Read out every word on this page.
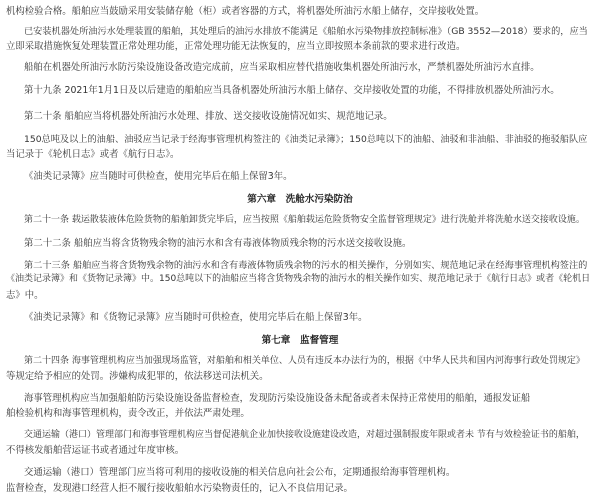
机构检验合格。船舶应当鼓励采用安装储存舱（柜）或者容器的方式，将机器处所油污水船上储存，交岸接收处置。
已安装机器处所油污水处理装置的船舶，其处理后的油污水排放不能满足《船舶水污染物排放控制标准》（GB 3552—2018）要求的，应当
立即采取措施恢复处理装置正常处理功能，正常处理功能无法恢复的，应当立即按照本条前款的要求进行改造。
船舶在机器处所油污水防污染设施设备改造完成前，应当采取相应替代措施收集机器处所油污水，严禁机器处所油污水直排。
第十九条 2021年1月1日及以后建造的船舶应当具备机器处所油污水船上储存、交岸接收处置的功能，不得排放机器处所油污水。
第二十条 船舶应当将机器处所油污水处理、排放、送交接收设施情况如实、规范地记录。
150总吨及以上的油船、油驳应当记录于经海事管理机构签注的《油类记录簿》；150总吨以下的油船、油驳和非油船、非油驳的拖驳船队应
当记录于《轮机日志》或者《航行日志》。
《油类记录簿》应当随时可供检查，使用完毕后在船上保留3年。
第六章　洗舱水污染防治
第二十一条 载运散装液体危险货物的船舶卸货完毕后，应当按照《船舶载运危险货物安全监督管理规定》进行洗舱并将洗舱水送交接收设施。
第二十二条 船舶应当将含货物残余物的油污水和含有毒液体物质残余物的污水送交接收设施。
第二十三条 船舶应当将含货物残余物的油污水和含有毒液体物质残余物的污水的相关操作，分别如实、规范地记录在经海事管理机构签注的
《油类记录簿》和《货物记录簿》中。150总吨以下的油船应当将含货物残余物的油污水的相关操作如实、规范地记录于《航行日志》或者《轮机日
志》中。
《油类记录簿》和《货物记录簿》应当随时可供检查，使用完毕后在船上保留3年。
第七章　监督管理
第二十四条 海事管理机构应当加强现场监管，对船舶和相关单位、人员有违反本办法行为的，根据《中华人民共和国内河海事行政处罚规定》
等规定给予相应的处罚。涉嫌构成犯罪的，依法移送司法机关。
海事管理机构应当加强船舶防污染设施设备监督检查，发现防污染设施设备未配备或者未保持正常使用的船舶，通报发证船
舶检验机构和海事管理机构，责令改正，并依法严肃处理。
交通运输（港口）管理部门和海事管理机构应当督促港航企业加快接收设施建设改造，对超过强制报废年限或者未 节有与效检验证书的船舶，
不得核发船舶营运证书或者通过年度审核。
交通运输（港口）管理部门应当将可利用的接收设施的相关信息向社会公布，定期通报给海事管理机构。
监督检查，发现港口经营人拒不履行接收船舶水污染物责任的，记入不良信用记录。
